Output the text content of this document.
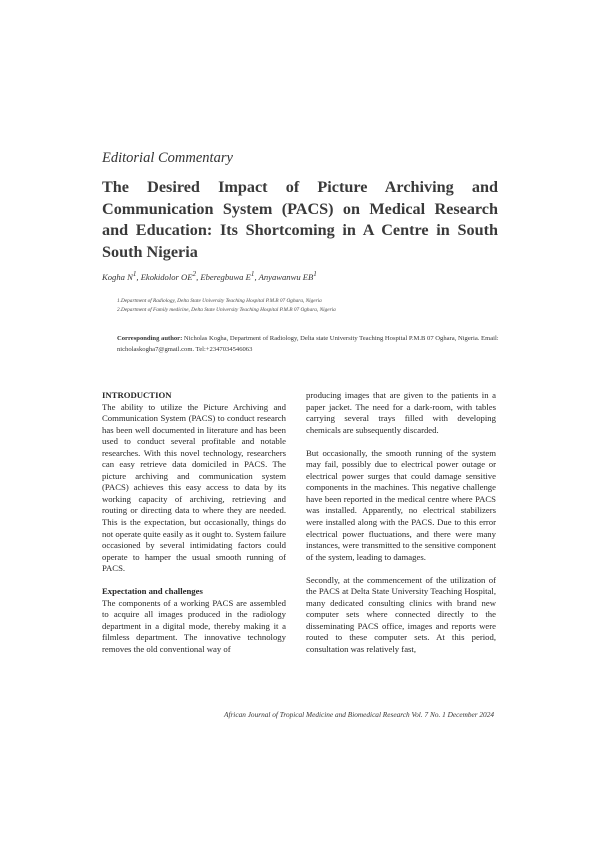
Editorial Commentary
The Desired Impact of Picture Archiving and Communication System (PACS) on Medical Research and Education: Its Shortcoming in A Centre in South South Nigeria
Kogha $N^1$, Ekokidolor $OE^2$, Eberegbuwa $E^1$, Anyawanwu $EB^1$
1.Department of Radiology, Delta State University Teaching Hospital P.M.B 07 Oghara, Nigeria
2.Department of Family medicine, Delta State University Teaching Hospital P.M.B 07 Oghara, Nigeria
Corresponding author: Nicholas Kogha, Department of Radiology, Delta state University Teaching Hospital P.M.B 07 Oghara, Nigeria. Email: nicholaskogha7@gmail.com. Tel:+2347034546063

INTRODUCTION

The ability to utilize the Picture Archiving and Communication System (PACS) to conduct research has been well documented in literature and has been used to conduct several profitable and notable researches. With this novel technology, researchers can easy retrieve data domiciled in PACS. The picture archiving and communication system (PACS) achieves this easy access to data by its working capacity of archiving, retrieving and routing or directing data to where they are needed. This is the expectation, but occasionally, things do not operate quite easily as it ought to. System failure occasioned by several intimidating factors could operate to hamper the usual smooth running of PACS.

Expectation and challenges

The components of a working PACS are assembled to acquire all images produced in the radiology department in a digital mode, thereby making it a filmless department. The innovative technology removes the old conventional way of

producing images that are given to the patients in a paper jacket. The need for a dark-room, with tables carrying several trays filled with developing chemicals are subsequently discarded.

But occasionally, the smooth running of the system may fail, possibly due to electrical power outage or electrical power surges that could damage sensitive components in the machines. This negative challenge have been reported in the medical centre where PACS was installed. Apparently, no electrical stabilizers were installed along with the PACS. Due to this error electrical power fluctuations, and there were many instances, were transmitted to the sensitive component of the system, leading to damages.

Secondly, at the commencement of the utilization of the PACS at Delta State University Teaching Hospital, many dedicated consulting clinics with brand new computer sets where connected directly to the disseminating PACS office, images and reports were routed to these computer sets. At this period, consultation was relatively fast,

African Journal of Tropical Medicine and Biomedical Research Vol. 7 No. 1 December 2024
